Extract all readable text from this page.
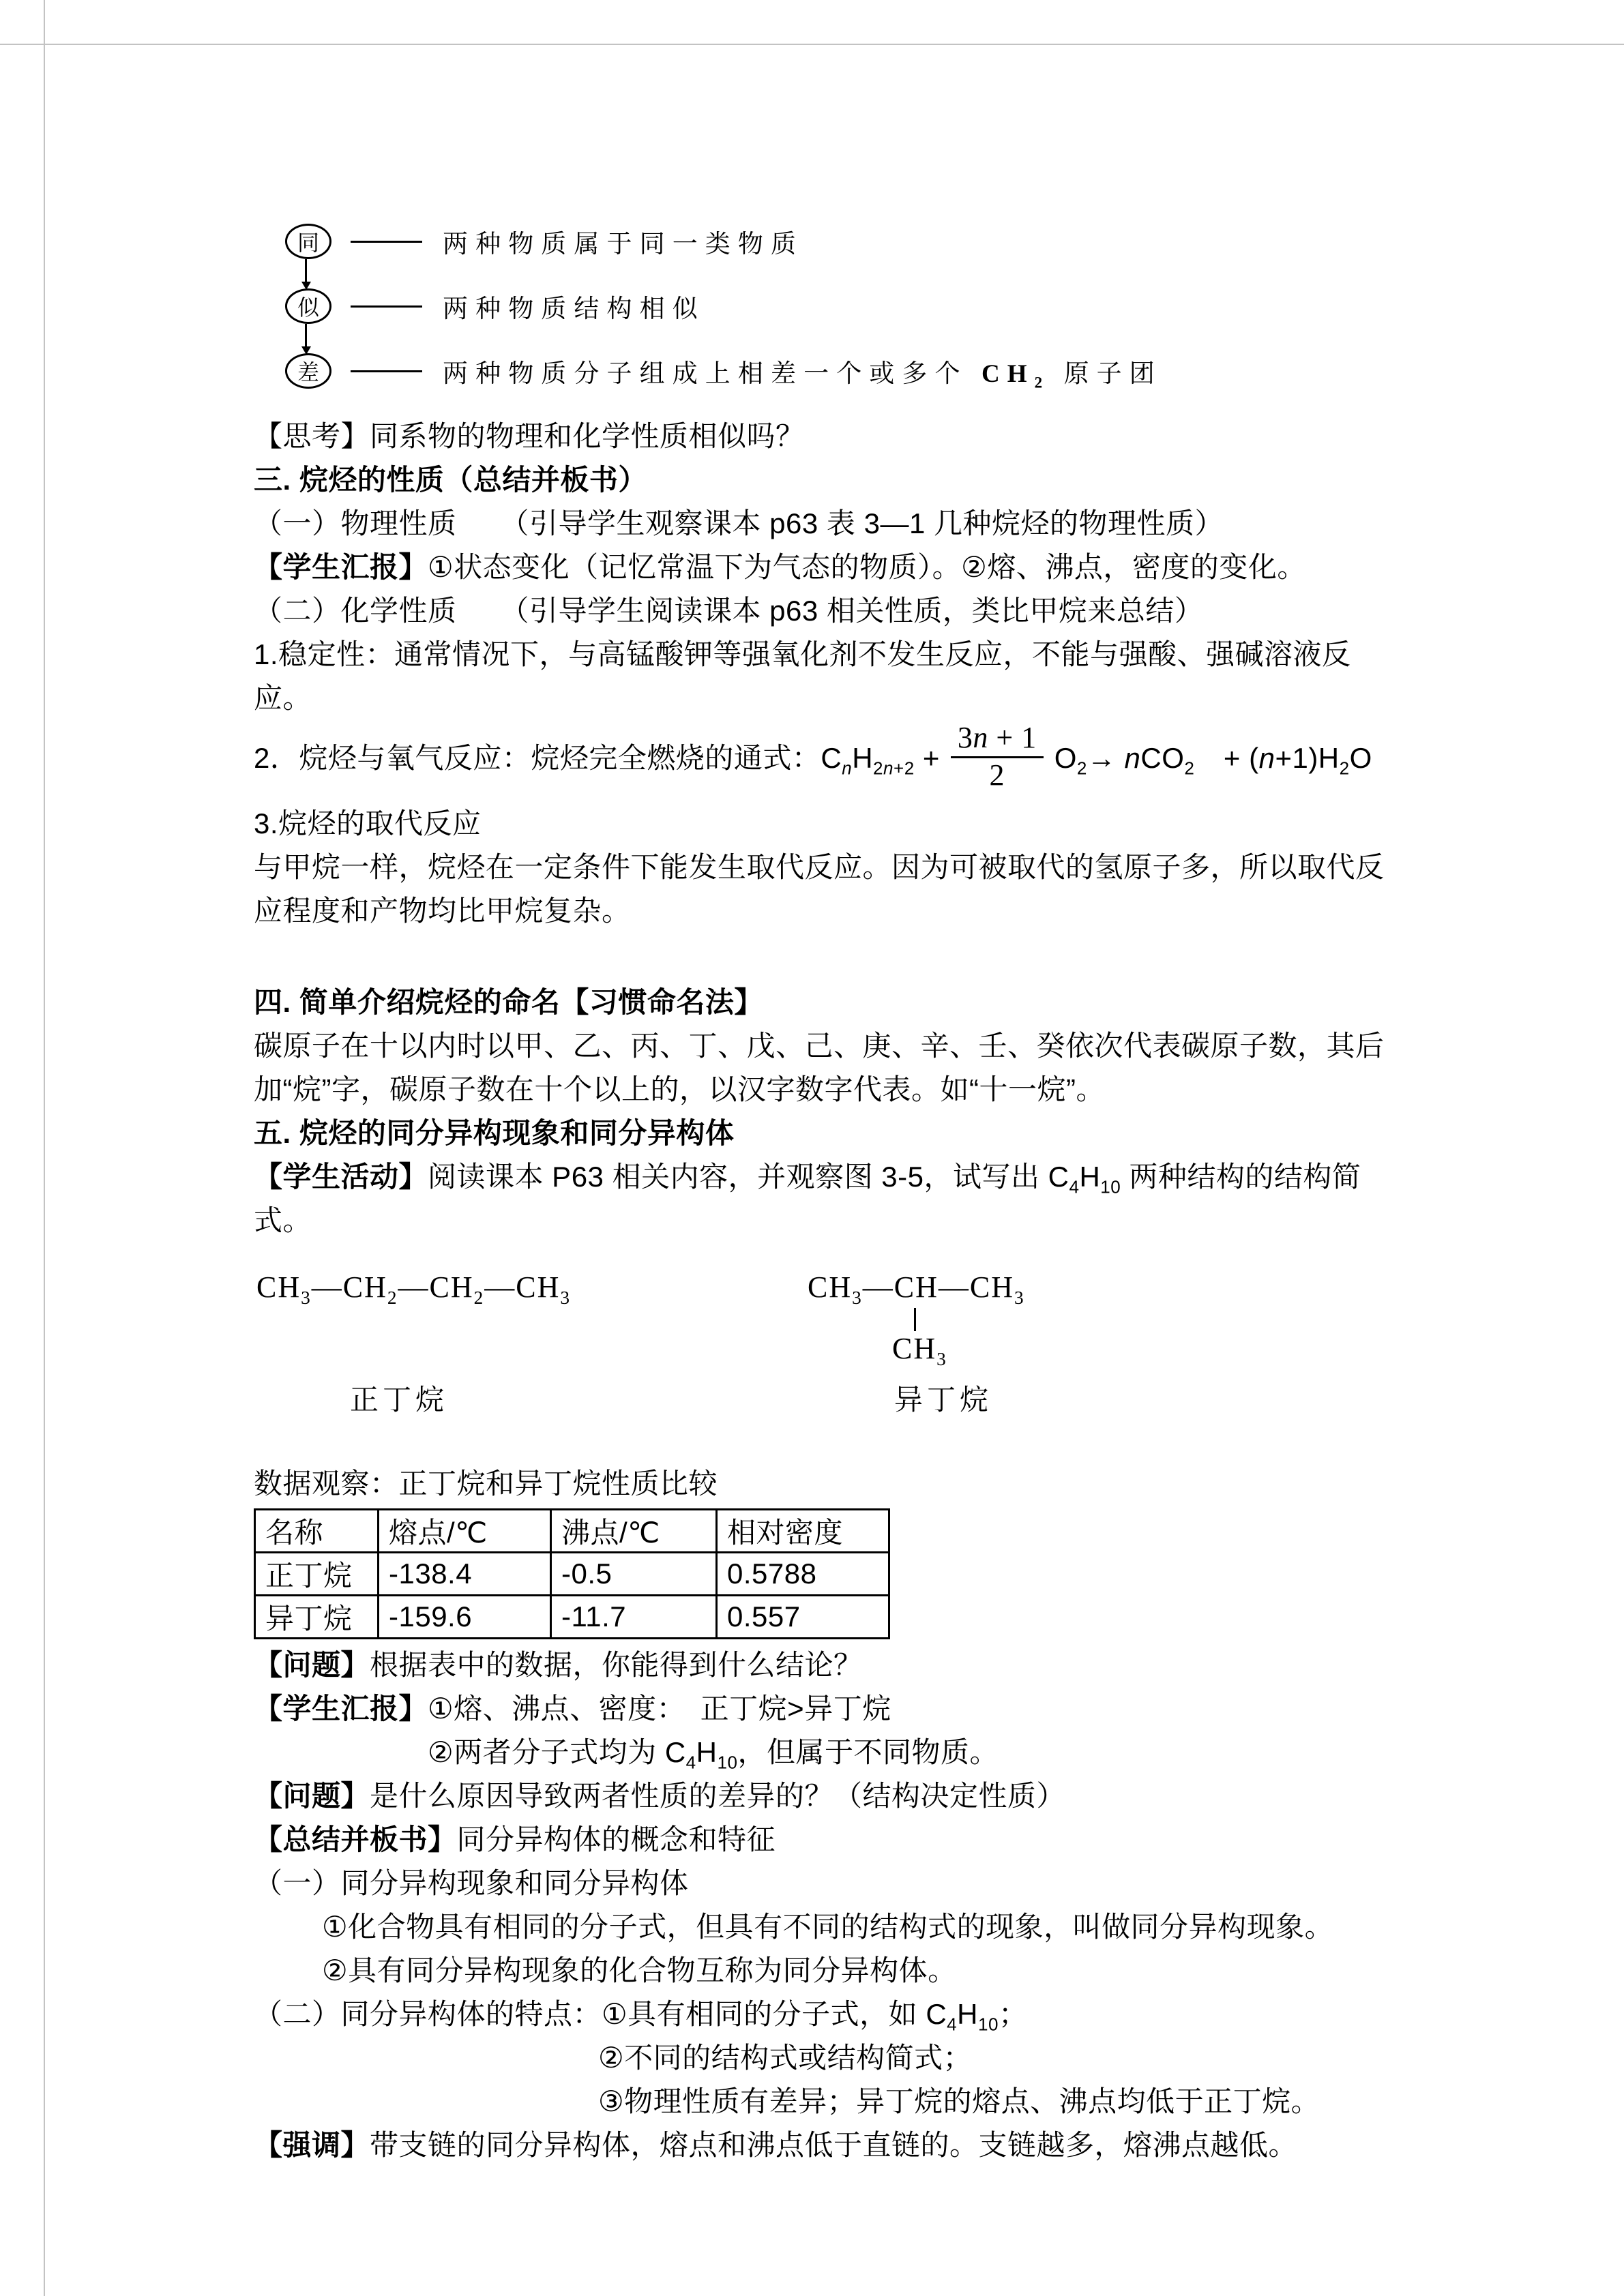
同	两种物质属于同一类物质
似	两种物质结构相似
差	两种物质分子组成上相差一个或多个 $CH_2$ 原子团
【思考】同系物的物理和化学性质相似吗？
三. 烷烃的性质（总结并板书）
（一）物理性质　　（引导学生观察课本 p63 表 3—1 几种烷烃的物理性质）
【学生汇报】①状态变化（记忆常温下为气态的物质）。②熔、沸点，密度的变化。
（二）化学性质　　（引导学生阅读课本 p63 相关性质，类比甲烷来总结）
1.稳定性：通常情况下，与高锰酸钾等强氧化剂不发生反应，不能与强酸、强碱溶液反应。
2．烷烃与氧气反应：烷烃完全燃烧的通式：$C_nH_{2n+2} + \frac{3n + 1}{2} O_2\to nCO_2$　+ $(n+1)H_2O$
3.烷烃的取代反应
与甲烷一样，烷烃在一定条件下能发生取代反应。因为可被取代的氢原子多，所以取代反应程度和产物均比甲烷复杂。
四. 简单介绍烷烃的命名【习惯命名法】
碳原子在十以内时以甲、乙、丙、丁、戊、己、庚、辛、壬、癸依次代表碳原子数，其后加“烷”字，碳原子数在十个以上的，以汉字数字代表。如“十一烷”。
五. 烷烃的同分异构现象和同分异构体
【学生活动】阅读课本 P63 相关内容，并观察图 3-5，试写出 $C_4H_{10}$ 两种结构的结构简式。
$CH_3—CH_2—CH_2—CH_3$
正丁烷
$CH_3—CH—CH_3$
$CH_3$
异丁烷
数据观察：正丁烷和异丁烷性质比较
名称	熔点/℃	沸点/℃	相对密度
正丁烷	-138.4	-0.5	0.5788
异丁烷	-159.6	-11.7	0.557
【问题】根据表中的数据，你能得到什么结论？
【学生汇报】①熔、沸点、密度：　正丁烷>异丁烷
②两者分子式均为 $C_4H_{10}$，但属于不同物质。
【问题】是什么原因导致两者性质的差异的？（结构决定性质）
【总结并板书】同分异构体的概念和特征
（一）同分异构现象和同分异构体
①化合物具有相同的分子式，但具有不同的结构式的现象，叫做同分异构现象。
②具有同分异构现象的化合物互称为同分异构体。
（二）同分异构体的特点：①具有相同的分子式，如 $C_4H_{10}$；
②不同的结构式或结构简式；
③物理性质有差异；异丁烷的熔点、沸点均低于正丁烷。
【强调】带支链的同分异构体，熔点和沸点低于直链的。支链越多，熔沸点越低。
